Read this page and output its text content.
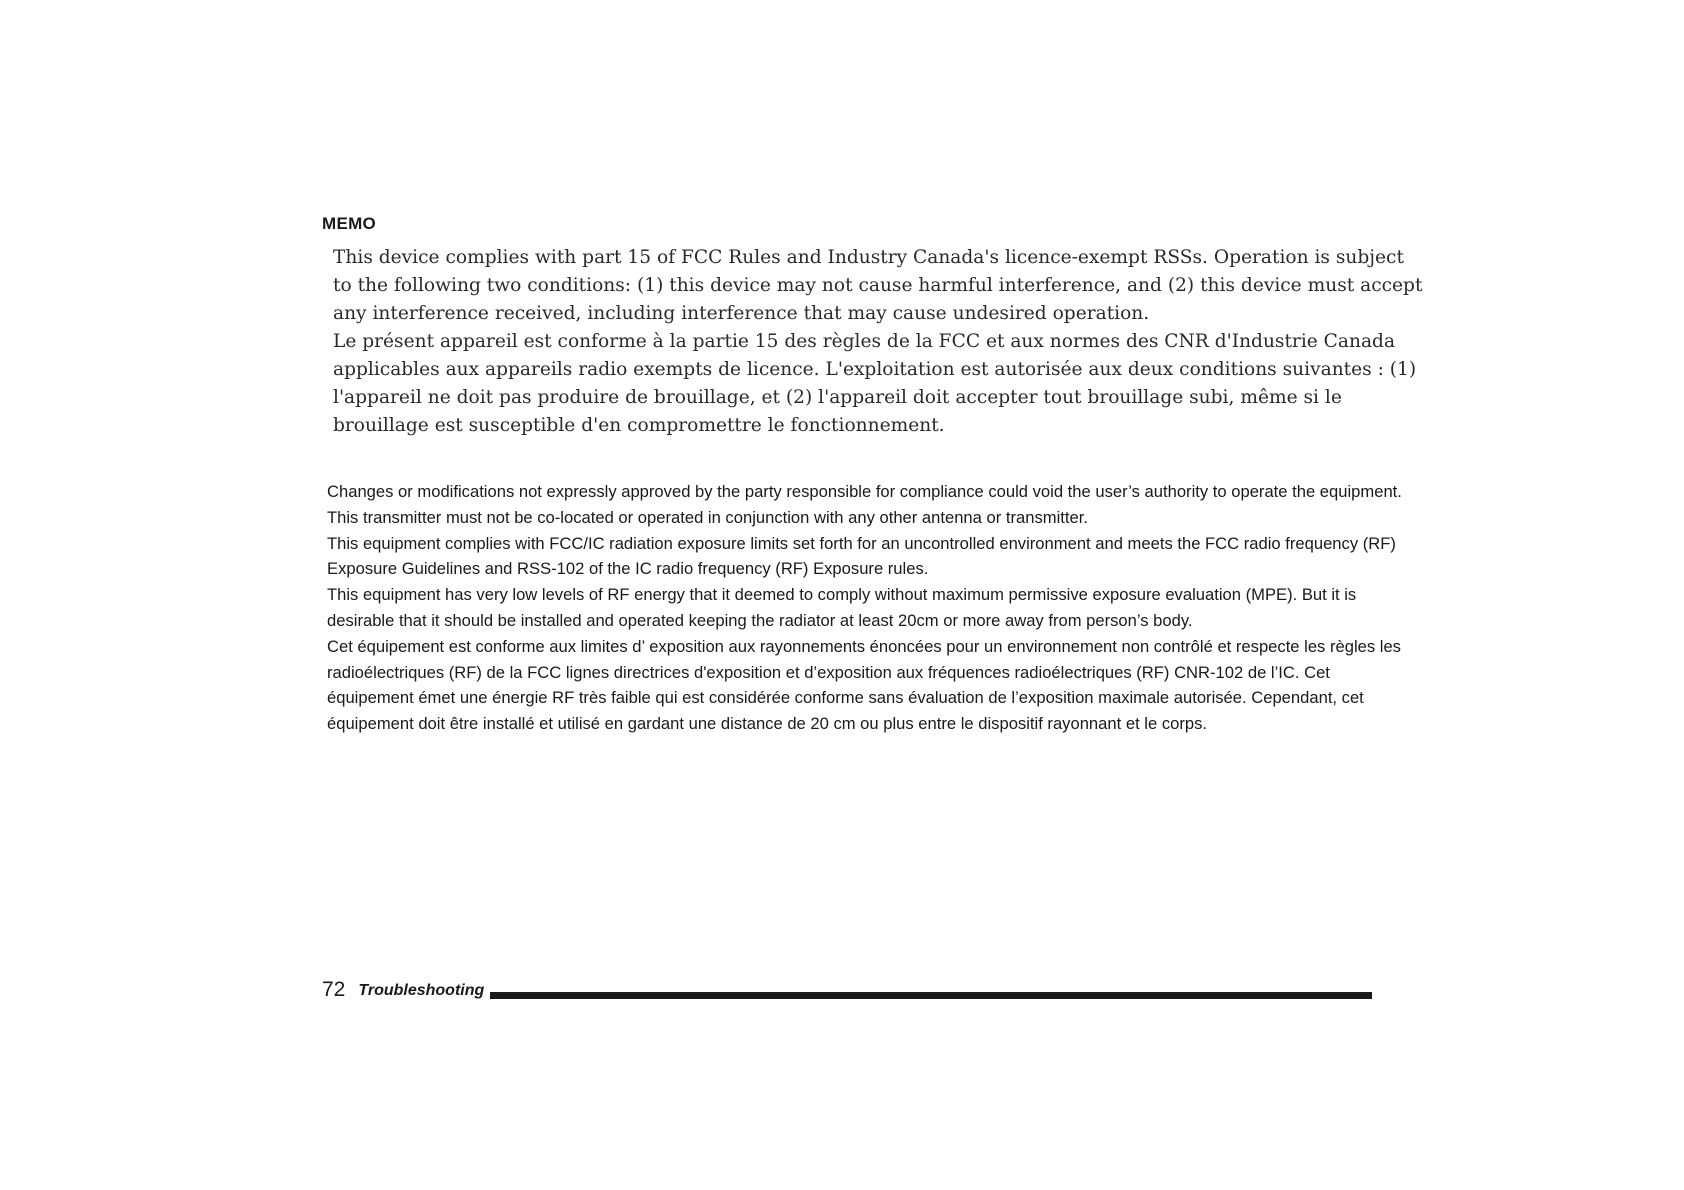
MEMO

This device complies with part 15 of FCC Rules and Industry Canada's licence-exempt RSSs. Operation is subject to the following two conditions: (1) this device may not cause harmful interference, and (2) this device must accept any interference received, including interference that may cause undesired operation.

Le présent appareil est conforme à la partie 15 des règles de la FCC et aux normes des CNR d'Industrie Canada applicables aux appareils radio exempts de licence. L'exploitation est autorisée aux deux conditions suivantes : (1) l'appareil ne doit pas produire de brouillage, et (2) l'appareil doit accepter tout brouillage subi, même si le brouillage est susceptible d'en compromettre le fonctionnement.

Changes or modifications not expressly approved by the party responsible for compliance could void the user’s authority to operate the equipment.

This transmitter must not be co-located or operated in conjunction with any other antenna or transmitter.

This equipment complies with FCC/IC radiation exposure limits set forth for an uncontrolled environment and meets the FCC radio frequency (RF) Exposure Guidelines and RSS-102 of the IC radio frequency (RF) Exposure rules.

This equipment has very low levels of RF energy that it deemed to comply without maximum permissive exposure evaluation (MPE). But it is desirable that it should be installed and operated keeping the radiator at least 20cm or more away from person’s body.

Cet équipement est conforme aux limites d’ exposition aux rayonnements énoncées pour un environnement non contrôlé et respecte les règles les radioélectriques (RF) de la FCC lignes directrices d'exposition et d’exposition aux fréquences radioélectriques (RF) CNR-102 de l’IC. Cet équipement émet une énergie RF très faible qui est considérée conforme sans évaluation de l’exposition maximale autorisée. Cependant, cet équipement doit être installé et utilisé en gardant une distance de 20 cm ou plus entre le dispositif rayonnant et le corps.

72 Troubleshooting
